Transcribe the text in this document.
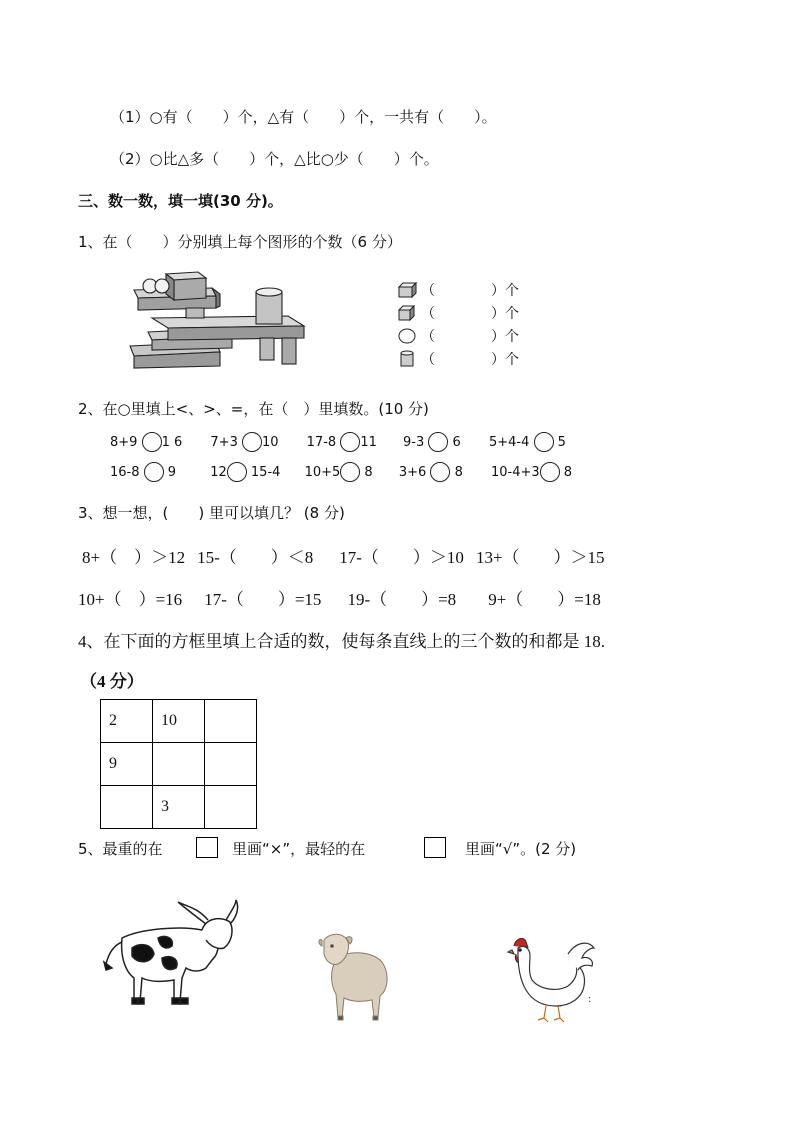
（1）○有（　　）个，△有（　　）个，一共有（　　）。
（2）○比△多（　　）个，△比○少（　　）个。
三、数一数，填一填(30 分)。
1、在（　　）分别填上每个图形的个数（6 分）
（　　　　）个
（　　　　）个
（　　　　）个
（　　　　）个
2、在○里填上<、>、=，在（　）里填数。(10 分)
8+9 1 6 7+3 10 17-8 11 9-3 6 5+4-4 5
16-8 9	12 15-4 10+5 8 3+6 8 10-4+3 8
3、想一想，(　　) 里可以填几？ (8 分)
8+（　）＞12 15-（　　）＜8 17-（　　）＞10 13+（　　）＞15
10+（　）=16 17-（　　）=15 19-（　　）=8 9+（　　）=18
4、在下面的方框里填上合适的数，使每条直线上的三个数的和都是 18.
（4 分）
2	10	
9		
	3	
5、最重的在	里画“×”，最轻的在	里画“√”。(2 分)
:
